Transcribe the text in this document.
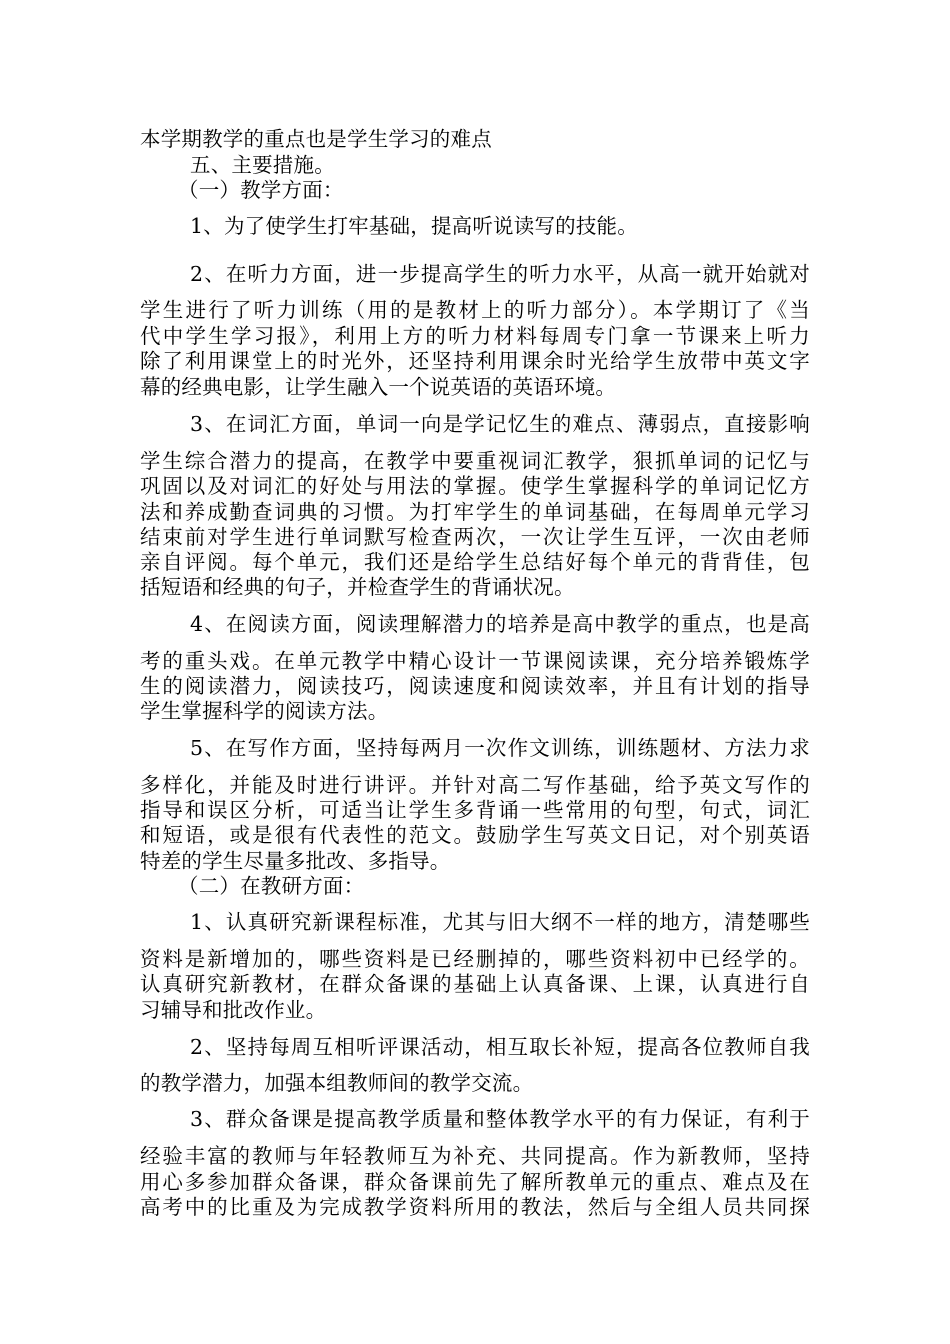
本学期教学的重点也是学生学习的难点
五、主要措施。
（一）教学方面：
1、为了使学生打牢基础，提高听说读写的技能。
2、在听力方面，进一步提高学生的听力水平，从高一就开始就对
学生进行了听力训练（用的是教材上的听力部分）。本学期订了《当
代中学生学习报》，利用上方的听力材料每周专门拿一节课来上听力
除了利用课堂上的时光外，还坚持利用课余时光给学生放带中英文字
幕的经典电影，让学生融入一个说英语的英语环境。
3、在词汇方面，单词一向是学记忆生的难点、薄弱点，直接影响
学生综合潜力的提高，在教学中要重视词汇教学，狠抓单词的记忆与
巩固以及对词汇的好处与用法的掌握。使学生掌握科学的单词记忆方
法和养成勤查词典的习惯。为打牢学生的单词基础，在每周单元学习
结束前对学生进行单词默写检查两次，一次让学生互评，一次由老师
亲自评阅。每个单元，我们还是给学生总结好每个单元的背背佳，包
括短语和经典的句子，并检查学生的背诵状况。
4、在阅读方面，阅读理解潜力的培养是高中教学的重点，也是高
考的重头戏。在单元教学中精心设计一节课阅读课，充分培养锻炼学
生的阅读潜力，阅读技巧，阅读速度和阅读效率，并且有计划的指导
学生掌握科学的阅读方法。
5、在写作方面，坚持每两月一次作文训练，训练题材、方法力求
多样化，并能及时进行讲评。并针对高二写作基础，给予英文写作的
指导和误区分析，可适当让学生多背诵一些常用的句型，句式，词汇
和短语，或是很有代表性的范文。鼓励学生写英文日记，对个别英语
特差的学生尽量多批改、多指导。
（二）在教研方面：
1、认真研究新课程标准，尤其与旧大纲不一样的地方，清楚哪些
资料是新增加的，哪些资料是已经删掉的，哪些资料初中已经学的。
认真研究新教材，在群众备课的基础上认真备课、上课，认真进行自
习辅导和批改作业。
2、坚持每周互相听评课活动，相互取长补短，提高各位教师自我
的教学潜力，加强本组教师间的教学交流。
3、群众备课是提高教学质量和整体教学水平的有力保证，有利于
经验丰富的教师与年轻教师互为补充、共同提高。作为新教师，坚持
用心多参加群众备课，群众备课前先了解所教单元的重点、难点及在
高考中的比重及为完成教学资料所用的教法，然后与全组人员共同探
